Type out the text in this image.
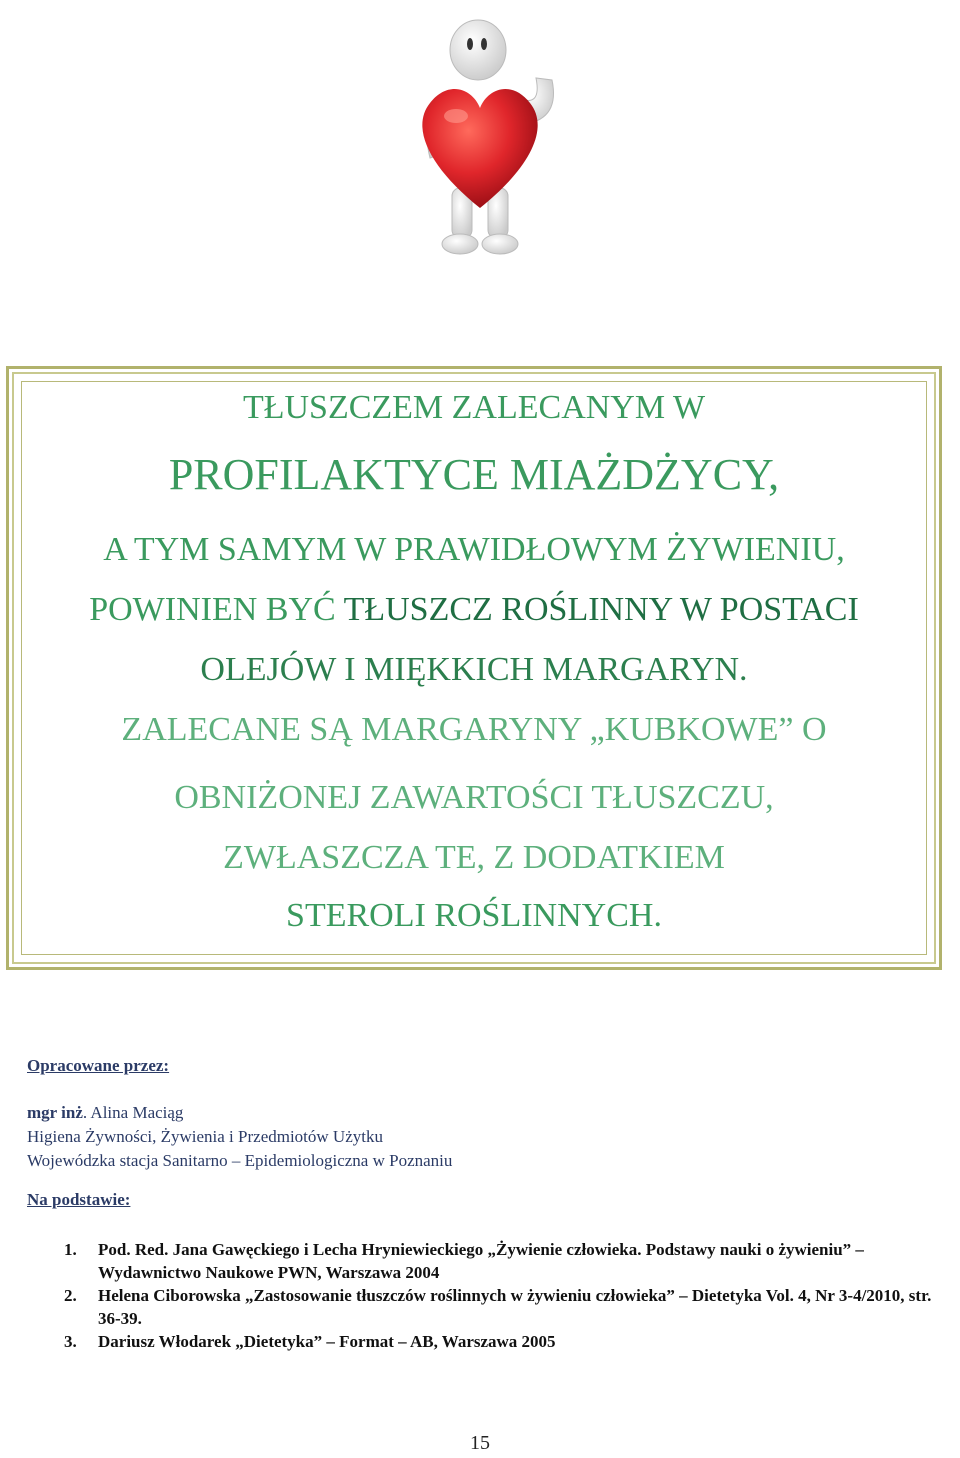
TŁUSZCZEM ZALECANYM W
PROFILAKTYCE MIAŻDŻYCY,
A TYM SAMYM W PRAWIDŁOWYM ŻYWIENIU,
POWINIEN BYĆ TŁUSZCZ ROŚLINNY W POSTACI
OLEJÓW I MIĘKKICH MARGARYN.
ZALECANE SĄ MARGARYNY „KUBKOWE” O
OBNIŻONEJ ZAWARTOŚCI TŁUSZCZU,
ZWŁASZCZA TE, Z DODATKIEM
STEROLI ROŚLINNYCH.
Opracowane przez:
mgr inż. Alina Maciąg
Higiena Żywności, Żywienia i Przedmiotów Użytku
Wojewódzka stacja Sanitarno – Epidemiologiczna w Poznaniu
Na podstawie:
1. Pod. Red. Jana Gawęckiego i Lecha Hryniewieckiego „Żywienie człowieka. Podstawy nauki o żywieniu” – Wydawnictwo Naukowe PWN, Warszawa 2004
2. Helena Ciborowska „Zastosowanie tłuszczów roślinnych w żywieniu człowieka” – Dietetyka Vol. 4, Nr 3-4/2010, str. 36-39.
3. Dariusz Włodarek „Dietetyka” – Format – AB, Warszawa 2005
15
